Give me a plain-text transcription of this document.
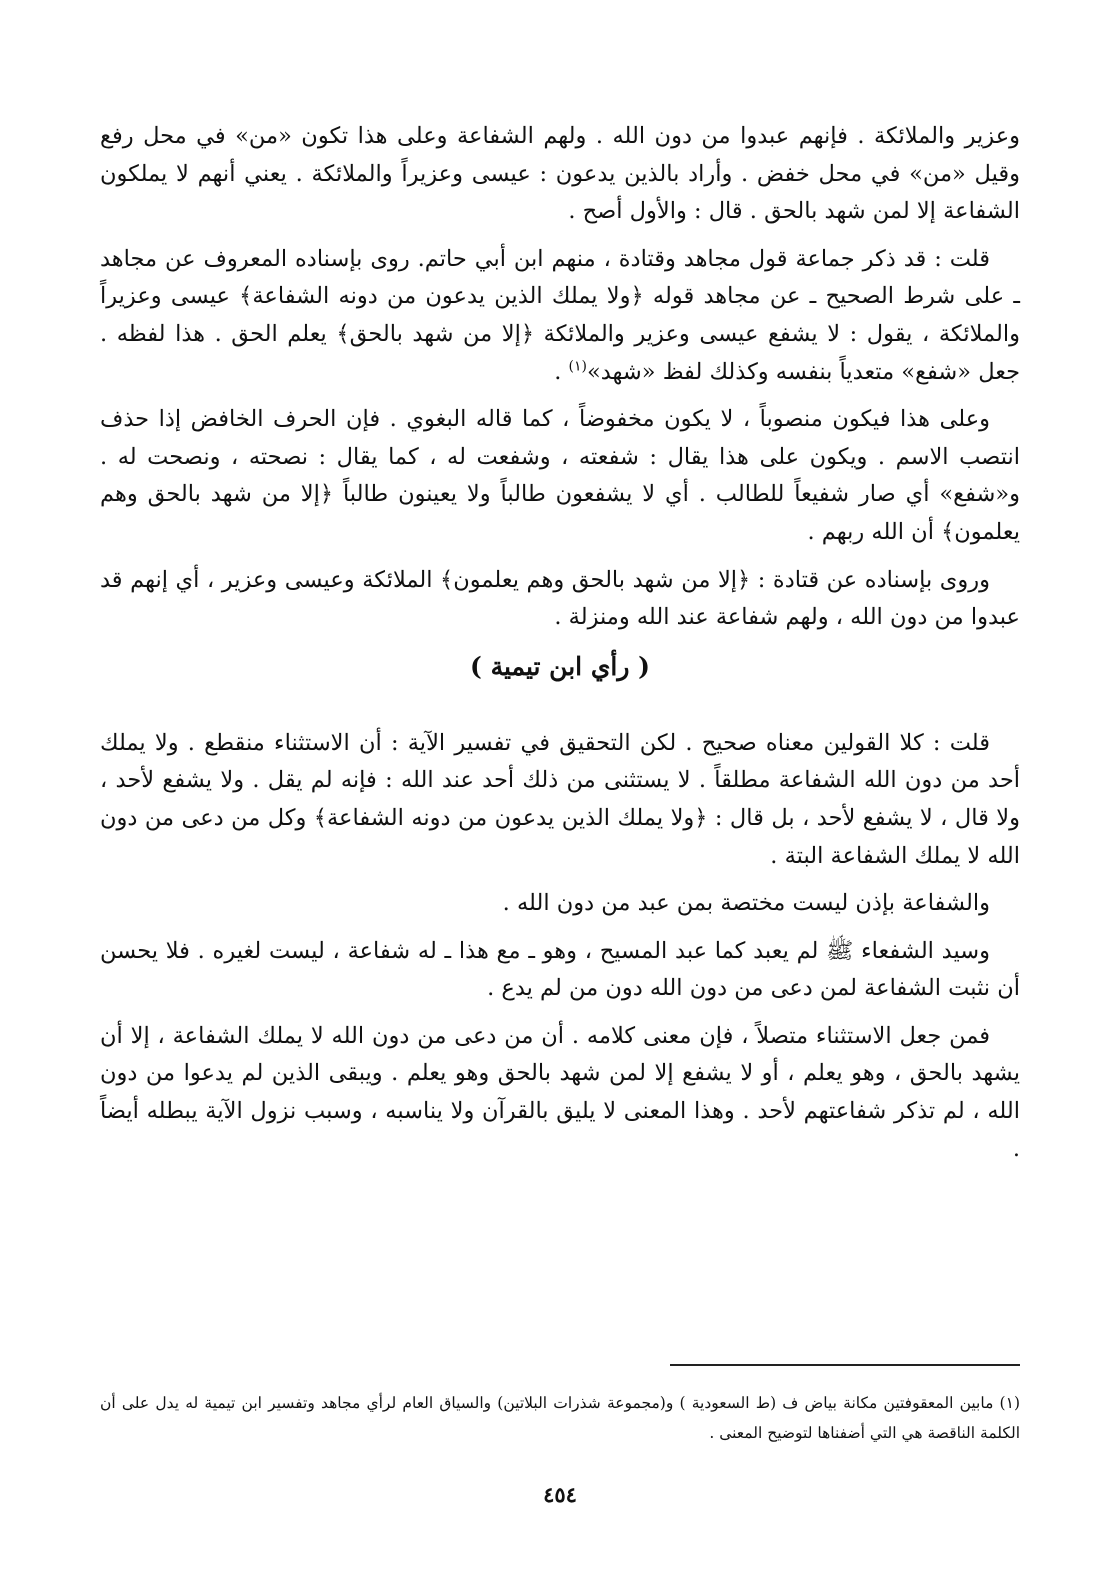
وعزير والملائكة . فإنهم عبدوا من دون الله . ولهم الشفاعة وعلى هذا تكون «من» في محل رفع وقيل «من» في محل خفض . وأراد بالذين يدعون : عيسى وعزيراً والملائكة . يعني أنهم لا يملكون الشفاعة إلا لمن شهد بالحق . قال : والأول أصح .

قلت : قد ذكر جماعة قول مجاهد وقتادة ، منهم ابن أبي حاتم. روى بإسناده المعروف عن مجاهد ـ على شرط الصحيح ـ عن مجاهد قوله ﴿ولا يملك الذين يدعون من دونه الشفاعة﴾ عيسى وعزيراً والملائكة ، يقول : لا يشفع عيسى وعزير والملائكة ﴿إلا من شهد بالحق﴾ يعلم الحق . هذا لفظه . جعل «شفع» متعدياً بنفسه وكذلك لفظ «شهد»$^{(١)}$ .

وعلى هذا فيكون منصوباً ، لا يكون مخفوضاً ، كما قاله البغوي . فإن الحرف الخافض إذا حذف انتصب الاسم . ويكون على هذا يقال : شفعته ، وشفعت له ، كما يقال : نصحته ، ونصحت له . و«شفع» أي صار شفيعاً للطالب . أي لا يشفعون طالباً ولا يعينون طالباً ﴿إلا من شهد بالحق وهم يعلمون﴾ أن الله ربهم .

وروى بإسناده عن قتادة : ﴿إلا من شهد بالحق وهم يعلمون﴾ الملائكة وعيسى وعزير ، أي إنهم قد عبدوا من دون الله ، ولهم شفاعة عند الله ومنزلة .

( رأي ابن تيمية )

قلت : كلا القولين معناه صحيح . لكن التحقيق في تفسير الآية : أن الاستثناء منقطع . ولا يملك أحد من دون الله الشفاعة مطلقاً . لا يستثنى من ذلك أحد عند الله : فإنه لم يقل . ولا يشفع لأحد ، ولا قال ، لا يشفع لأحد ، بل قال : ﴿ولا يملك الذين يدعون من دونه الشفاعة﴾ وكل من دعى من دون الله لا يملك الشفاعة البتة .

والشفاعة بإذن ليست مختصة بمن عبد من دون الله .

وسيد الشفعاء ﷺ لم يعبد كما عبد المسيح ، وهو ـ مع هذا ـ له شفاعة ، ليست لغيره . فلا يحسن أن نثبت الشفاعة لمن دعى من دون الله دون من لم يدع .

فمن جعل الاستثناء متصلاً ، فإن معنى كلامه . أن من دعى من دون الله لا يملك الشفاعة ، إلا أن يشهد بالحق ، وهو يعلم ، أو لا يشفع إلا لمن شهد بالحق وهو يعلم . ويبقى الذين لم يدعوا من دون الله ، لم تذكر شفاعتهم لأحد . وهذا المعنى لا يليق بالقرآن ولا يناسبه ، وسبب نزول الآية يبطله أيضاً .

(١) مابين المعقوفتين مكانة بياض ف (ط السعودية ) و(مجموعة شذرات البلاتين) والسياق العام لرأي مجاهد وتفسير ابن تيمية له يدل على أن الكلمة الناقصة هي التي أضفناها لتوضيح المعنى .

٤٥٤
